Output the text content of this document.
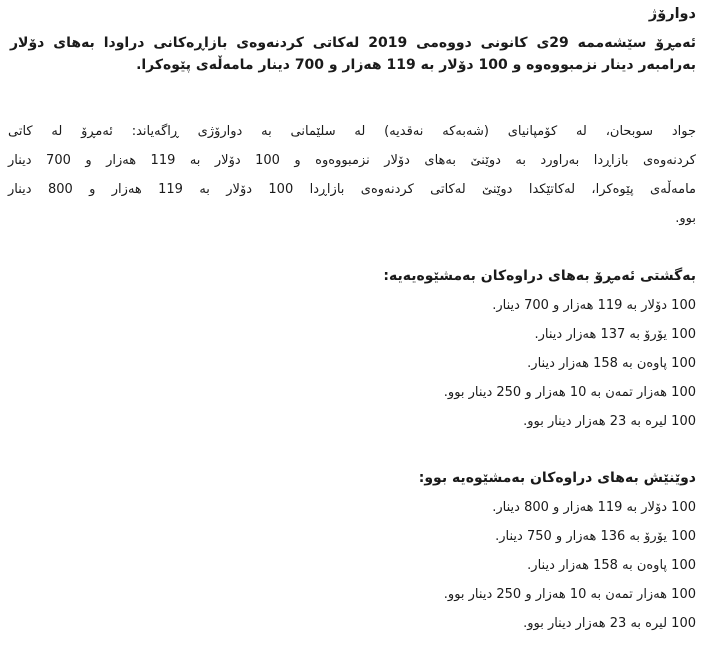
دوارۆژ
ئەمڕۆ سێشەممە 29ی کانونی دووەمی 2019 لەکاتی کردنەوەی بازاڕەکانی دراودا بەهای دۆلار
بەرامبەر دینار نزمبووەوە و 100 دۆلار بە 119 هەزار و 700 دینار مامەڵەی پێوەکرا.
جواد سوبحان، لە کۆمپانیای (شەبەکە نەقدیە) لە سلێمانی بە دوارۆژی ڕاگەیاند: ئەمڕۆ لە کاتی
کردنەوەی بازاڕدا بەراورد بە دوێنێ بەهای دۆلار نزمبووەوە و 100 دۆلار بە 119 هەزار و 700 دینار
مامەڵەی پێوەکرا، لەکاتێکدا دوێنێ لەکاتی کردنەوەی بازاڕدا 100 دۆلار بە 119 هەزار و 800 دینار
بوو.
بەگشتی ئەمڕۆ بەهای دراوەکان بەمشێوەیەیە:
100 دۆلار بە 119 هەزار و 700 دینار.
100 یۆرۆ بە 137 هەزار دینار.
100 پاوەن بە 158 هەزار دینار.
100 هەزار تمەن بە 10 هەزار و 250 دینار بوو.
100 لیرە بە 23 هەزار دینار بوو.
دوێنێش بەهای دراوەکان بەمشێوەیە بوو:
100 دۆلار بە 119 هەزار و 800 دینار.
100 یۆرۆ بە 136 هەزار و 750 دینار.
100 پاوەن بە 158 هەزار دینار.
100 هەزار تمەن بە 10 هەزار و 250 دینار بوو.
100 لیرە بە 23 هەزار دینار بوو.
